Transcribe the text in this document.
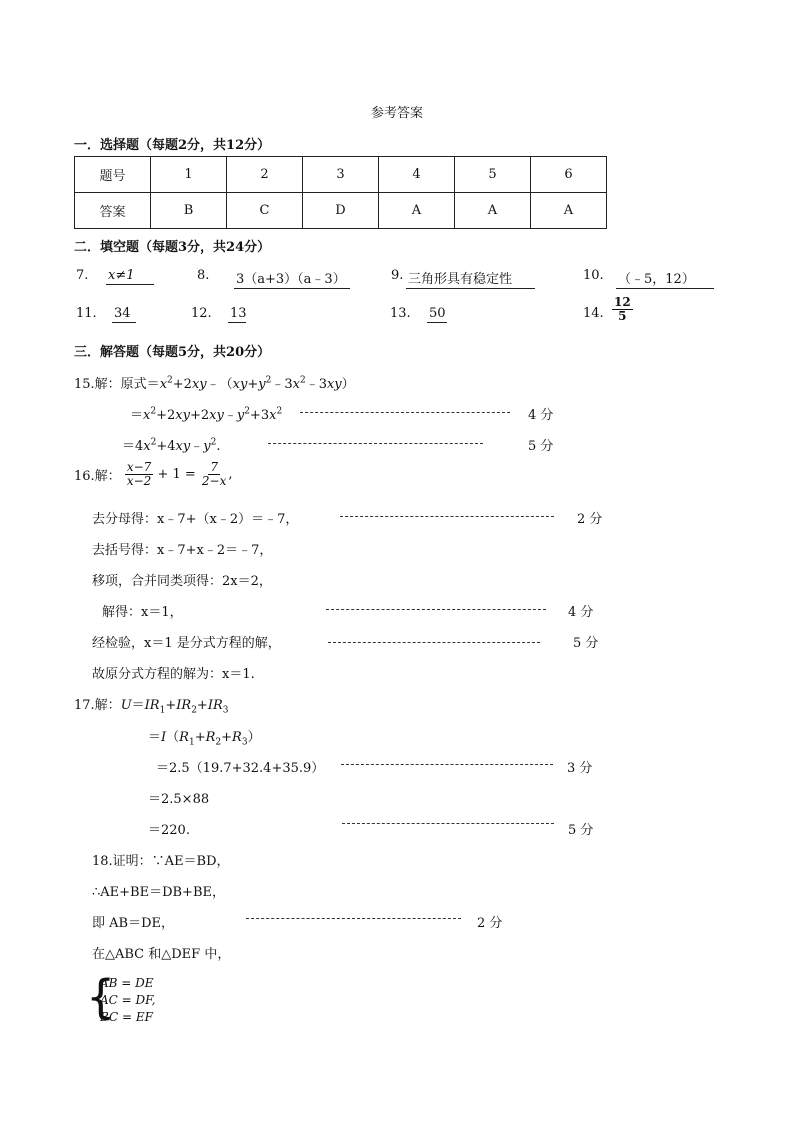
参考答案
一．选择题（每题2分，共12分）
题号	1	2	3	4	5	6
答案	B	C	D	A	A	A
二．填空题（每题3分，共24分）
7. x≠1	8. 3（a+3）（a﹣3）	9. 三角形具有稳定性	10. （﹣5，12）
11. 34	12. 13	13. 50	14. $\frac{12}{5}$
三．解答题（每题5分，共20分）
15.解：原式$=x^2+2xy﹣(xy+y^2﹣3x^2﹣3xy)$
$=x^2+2xy+2xy﹣y^2+3x^2$	4 分
$=4x^2+4xy﹣y^2$.	5 分
16.解： $\frac{x-7}{x-2} + 1 = \frac{7}{2-x}$ ,
去分母得：x﹣7+（x﹣2）＝﹣7，	2 分
去括号得：x﹣7+x﹣2＝﹣7，
移项，合并同类项得：2x＝2，
解得：x＝1，	4 分
经检验，x＝1 是分式方程的解，	5 分
故原分式方程的解为：x＝1.
17.解：$U=IR_1+IR_2+IR_3$
$=I(R_1+R_2+R_3)$
＝2.5（19.7+32.4+35.9）	3 分
＝2.5×88
＝220.	5 分
18.证明：∵AE＝BD，
∴AE+BE＝DB+BE，
即 AB＝DE，	2 分
在△ABC 和△DEF 中，
{
AB = DE
AC = DF,
BC = EF
